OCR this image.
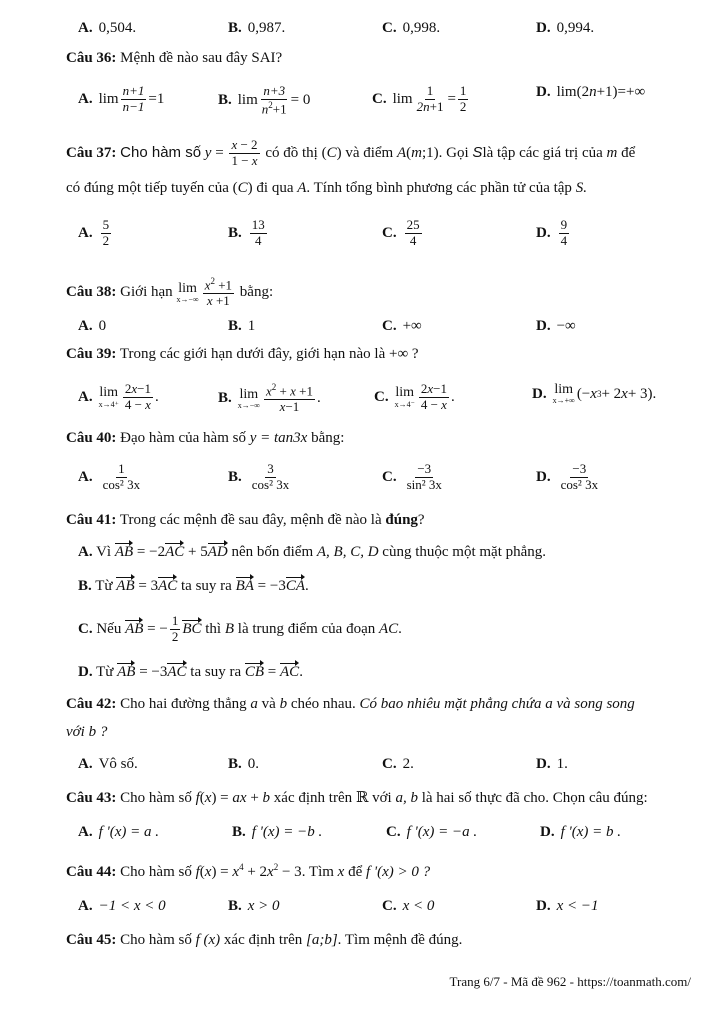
A. 0,504.	B. 0,987.	C. 0,998.	D. 0,994.
Câu 36: Mệnh đề nào sau đây SAI?
A. $\lim \frac{n+1}{n-1} =1$	B. $\lim \frac{n+3}{n^2+1} = 0$	C. $\lim \frac{1}{2n+1} = \frac{1}{2}$	D. lim(2 n +1)=+∞
Câu 37: Cho hàm số $y = \frac{x - 2}{1 - x}$ có đồ thị (C) và điểm A(m;1). Gọi Slà tập các giá trị của m để
có đúng một tiếp tuyến của (C) đi qua A. Tính tổng bình phương các phần tử của tập S.
A. $\frac{5}{2}$	B. $\frac{13}{4}$	C. $\frac{25}{4}$	D. $\frac{9}{4}$
Câu 38: Giới hạn lim
$x\to-\infty \frac{x^2 +1}{x +1}$ bằng:
A. 0	B. 1	C. +∞	D. −∞
Câu 39: Trong các giới hạn dưới đây, giới hạn nào là +∞ ?
A. lim
$x\to 4^+ \frac{2x-1}{4 - x}$ .	B. lim
$x\to-\infty \frac{x^2 + x +1}{x-1}$ .	C. lim
$x\to 4^- \frac{2x-1}{4 - x}$ .	D. lim
x→+∞ (− x 3 + 2 x + 3).
Câu 40: Đạo hàm của hàm số y = tan3x bằng:
A. $\frac{1}{\text{cos² 3x}}$	B. $\frac{3}{\text{cos² 3x}}$	C. $\frac{-3}{\text{sin² 3x}}$	D. $\frac{-3}{\text{cos² 3x}}$
Câu 41: Trong các mệnh đề sau đây, mệnh đề nào là đúng?
A. Vì AB = −2AC + 5AD nên bốn điểm A, B, C, D cùng thuộc một mặt phẳng.
B. Từ AB = 3AC ta suy ra BA = −3CA.
C. Nếu AB = − $\frac{1}{2}$ BC thì B là trung điểm của đoạn AC.
D. Từ AB = −3AC ta suy ra CB = AC.
Câu 42: Cho hai đường thẳng a và b chéo nhau. Có bao nhiêu mặt phẳng chứa a và song song
với b ?
A. Vô số.	B. 0.	C. 2.	D. 1.
Câu 43: Cho hàm số f(x) = ax + b xác định trên ℝ với a, b là hai số thực đã cho. Chọn câu đúng:
A. f '(x) = a .	B. f '(x) = −b .	C. f '(x) = −a .	D. f '(x) = b .
Câu 44: Cho hàm số $f(x) = x^4 + 2x^2 - 3$. Tìm x để f '(x) > 0 ?
A. −1 < x < 0	B. x > 0	C. x < 0	D. x < −1
Câu 45: Cho hàm số f (x) xác định trên [a;b]. Tìm mệnh đề đúng.
Trang 6/7 - Mã đề 962 - https://toanmath.com/
